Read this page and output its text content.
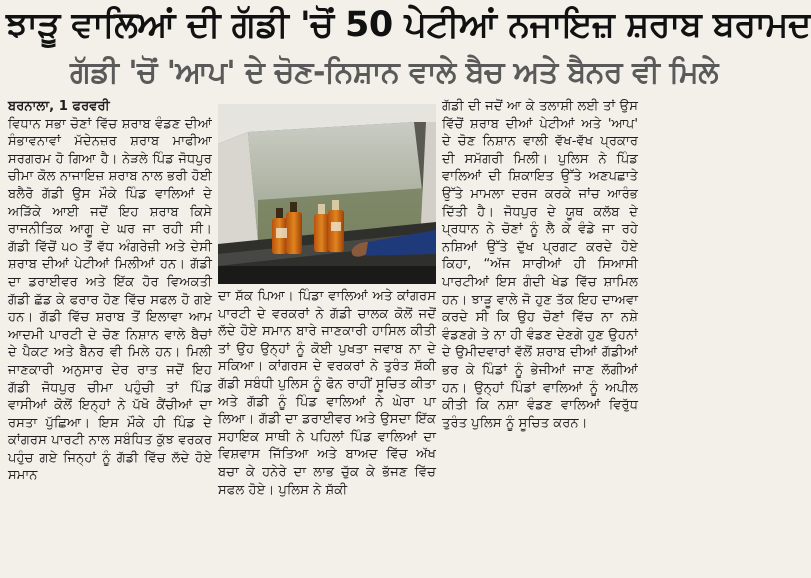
ਝਾੜੂ ਵਾਲਿਆਂ ਦੀ ਗੱਡੀ 'ਚੋਂ 50 ਪੇਟੀਆਂ ਨਜਾਇਜ਼ ਸ਼ਰਾਬ ਬਰਾਮਦ
ਗੱਡੀ 'ਚੋਂ 'ਆਪ' ਦੇ ਚੋਣ-ਨਿਸ਼ਾਨ ਵਾਲੇ ਬੈਚ ਅਤੇ ਬੈਨਰ ਵੀ ਮਿਲੇ

ਬਰਨਾਲਾ, 1 ਫਰਵਰੀ

ਵਿਧਾਨ ਸਭਾ ਚੋਣਾਂ ਵਿੱਚ ਸ਼ਰਾਬ ਵੰਡਣ ਦੀਆਂ ਸੰਭਾਵਨਾਵਾਂ ਮੱਦੇਨਜ਼ਰ ਸ਼ਰਾਬ ਮਾਫੀਆ ਸਰਗਰਮ ਹੋ ਗਿਆ ਹੈ। ਨੇੜਲੇ ਪਿੰਡ ਜੋਧਪੁਰ ਚੀਮਾ ਕੋਲ ਨਾਜਾਇਜ਼ ਸ਼ਰਾਬ ਨਾਲ ਭਰੀ ਹੋਈ ਬਲੈਰੋ ਗੱਡੀ ਉਸ ਮੌਕੇ ਪਿੰਡ ਵਾਲਿਆਂ ਦੇ ਅੜਿੱਕੇ ਆਈ ਜਦੋਂ ਇਹ ਸ਼ਰਾਬ ਕਿਸੇ ਰਾਜਨੀਤਿਕ ਆਗੂ ਦੇ ਘਰ ਜਾ ਰਹੀ ਸੀ। ਗੱਡੀ ਵਿੱਚੋਂ ੫੦ ਤੋਂ ਵੱਧ ਅੰਗਰੇਜ਼ੀ ਅਤੇ ਦੇਸੀ ਸ਼ਰਾਬ ਦੀਆਂ ਪੇਟੀਆਂ ਮਿਲੀਆਂ ਹਨ। ਗੱਡੀ ਦਾ ਡਰਾਈਵਰ ਅਤੇ ਇੱਕ ਹੋਰ ਵਿਅਕਤੀ ਗੱਡੀ ਛੱਡ ਕੇ ਫਰਾਰ ਹੋਣ ਵਿੱਚ ਸਫਲ ਹੋ ਗਏ ਹਨ। ਗੱਡੀ ਵਿੱਚ ਸ਼ਰਾਬ ਤੋਂ ਇਲਾਵਾ ਆਮ ਆਦਮੀ ਪਾਰਟੀ ਦੇ ਚੋਣ ਨਿਸ਼ਾਨ ਵਾਲੇ ਬੈਚਾਂ ਦੇ ਪੈਕਟ ਅਤੇ ਬੈਨਰ ਵੀ ਮਿਲੇ ਹਨ। ਮਿਲੀ ਜਾਣਕਾਰੀ ਅਨੁਸਾਰ ਦੇਰ ਰਾਤ ਜਦੋਂ ਇਹ ਗੱਡੀ ਜੋਧਪੁਰ ਚੀਮਾ ਪਹੁੰਚੀ ਤਾਂ ਪਿੰਡ ਵਾਸੀਆਂ ਕੋਲੋਂ ਇਨ੍ਹਾਂ ਨੇ ਪੱਖੋ ਕੈਂਚੀਆਂ ਦਾ ਰਸਤਾ ਪੁੱਛਿਆ। ਇਸ ਮੌਕੇ ਹੀ ਪਿੰਡ ਦੇ ਕਾਂਗਰਸ ਪਾਰਟੀ ਨਾਲ ਸਬੰਧਿਤ ਕੁੱਝ ਵਰਕਰ ਪਹੁੰਚ ਗਏ ਜਿਨ੍ਹਾਂ ਨੂੰ ਗੱਡੀ ਵਿੱਚ ਲੱਦੇ ਹੋਏ ਸਮਾਨ

ਦਾ ਸ਼ੱਕ ਪਿਆ। ਪਿੰਡਾ ਵਾਲਿਆਂ ਅਤੇ ਕਾਂਗਰਸ ਪਾਰਟੀ ਦੇ ਵਰਕਰਾਂ ਨੇ ਗੱਡੀ ਚਾਲਕ ਕੋਲੋਂ ਜਦੋਂ ਲੱਦੇ ਹੋਏ ਸਮਾਨ ਬਾਰੇ ਜਾਣਕਾਰੀ ਹਾਸਿਲ ਕੀਤੀ ਤਾਂ ਉਹ ਉਨ੍ਹਾਂ ਨੂੰ ਕੋਈ ਪੁਖਤਾ ਜਵਾਬ ਨਾ ਦੇ ਸਕਿਆ। ਕਾਂਗਰਸ ਦੇ ਵਰਕਰਾਂ ਨੇ ਤੁਰੰਤ ਸ਼ੱਕੀ ਗੱਡੀ ਸਬੰਧੀ ਪੁਲਿਸ ਨੂੰ ਫੋਨ ਰਾਹੀਂ ਸੂਚਿਤ ਕੀਤਾ ਅਤੇ ਗੱਡੀ ਨੂੰ ਪਿੰਡ ਵਾਲਿਆਂ ਨੇ ਘੇਰਾ ਪਾ ਲਿਆ। ਗੱਡੀ ਦਾ ਡਰਾਈਵਰ ਅਤੇ ਉਸਦਾ ਇੱਕ ਸਹਾਇਕ ਸਾਥੀ ਨੇ ਪਹਿਲਾਂ ਪਿੰਡ ਵਾਲਿਆਂ ਦਾ ਵਿਸ਼ਵਾਸ ਜਿੱਤਿਆ ਅਤੇ ਬਾਅਦ ਵਿੱਚ ਅੱਖ ਬਚਾ ਕੇ ਹਨੇਰੇ ਦਾ ਲਾਭ ਚੁੱਕ ਕੇ ਭੱਜਣ ਵਿੱਚ ਸਫਲ ਹੋਏ। ਪੁਲਿਸ ਨੇ ਸ਼ੱਕੀ

ਗੱਡੀ ਦੀ ਜਦੋਂ ਆ ਕੇ ਤਲਾਸ਼ੀ ਲਈ ਤਾਂ ਉਸ ਵਿੱਚੋਂ ਸ਼ਰਾਬ ਦੀਆਂ ਪੇਟੀਆਂ ਅਤੇ 'ਆਪ' ਦੇ ਚੋਣ ਨਿਸ਼ਾਨ ਵਾਲੀ ਵੱਖ-ਵੱਖ ਪ੍ਰਕਾਰ ਦੀ ਸਮੱਗਰੀ ਮਿਲੀ। ਪੁਲਿਸ ਨੇ ਪਿੰਡ ਵਾਲਿਆਂ ਦੀ ਸ਼ਿਕਾਇਤ ਉੱਤੇ ਅਣਪਛਾਤੇ ਉੱਤੇ ਮਾਮਲਾ ਦਰਜ ਕਰਕੇ ਜਾਂਚ ਆਰੰਭ ਦਿੱਤੀ ਹੈ। ਜੋਧਪੁਰ ਦੇ ਯੂਥ ਕਲੱਬ ਦੇ ਪ੍ਰਧਾਨ ਨੇ ਚੋਣਾਂ ਨੂੰ ਲੈ ਕੇ ਵੰਡੇ ਜਾ ਰਹੇ ਨਸ਼ਿਆਂ ਉੱਤੇ ਦੁੱਖ ਪ੍ਰਗਟ ਕਰਦੇ ਹੋਏ ਕਿਹਾ, “ਅੱਜ ਸਾਰੀਆਂ ਹੀ ਸਿਆਸੀ ਪਾਰਟੀਆਂ ਇਸ ਗੰਦੀ ਖੇਡ ਵਿੱਚ ਸ਼ਾਮਿਲ ਹਨ। ਝਾੜੂ ਵਾਲੇ ਜੋ ਹੁਣ ਤੱਕ ਇਹ ਦਾਅਵਾ ਕਰਦੇ ਸੀ ਕਿ ਉਹ ਚੋਣਾਂ ਵਿੱਚ ਨਾ ਨਸ਼ੇ ਵੰਡਣਗੇ ਤੇ ਨਾ ਹੀ ਵੰਡਣ ਦੇਣਗੇ ਹੁਣ ਉਹਨਾਂ ਦੇ ਉਮੀਦਵਾਰਾਂ ਵੱਲੋਂ ਸ਼ਰਾਬ ਦੀਆਂ ਗੱਡੀਆਂ ਭਰ ਕੇ ਪਿੰਡਾਂ ਨੂੰ ਭੇਜੀਆਂ ਜਾਣ ਲੱਗੀਆਂ ਹਨ। ਉਨ੍ਹਾਂ ਪਿੰਡਾਂ ਵਾਲਿਆਂ ਨੂੰ ਅਪੀਲ ਕੀਤੀ ਕਿ ਨਸ਼ਾ ਵੰਡਣ ਵਾਲਿਆਂ ਵਿਰੁੱਧ ਤੁਰੰਤ ਪੁਲਿਸ ਨੂੰ ਸੂਚਿਤ ਕਰਨ।
